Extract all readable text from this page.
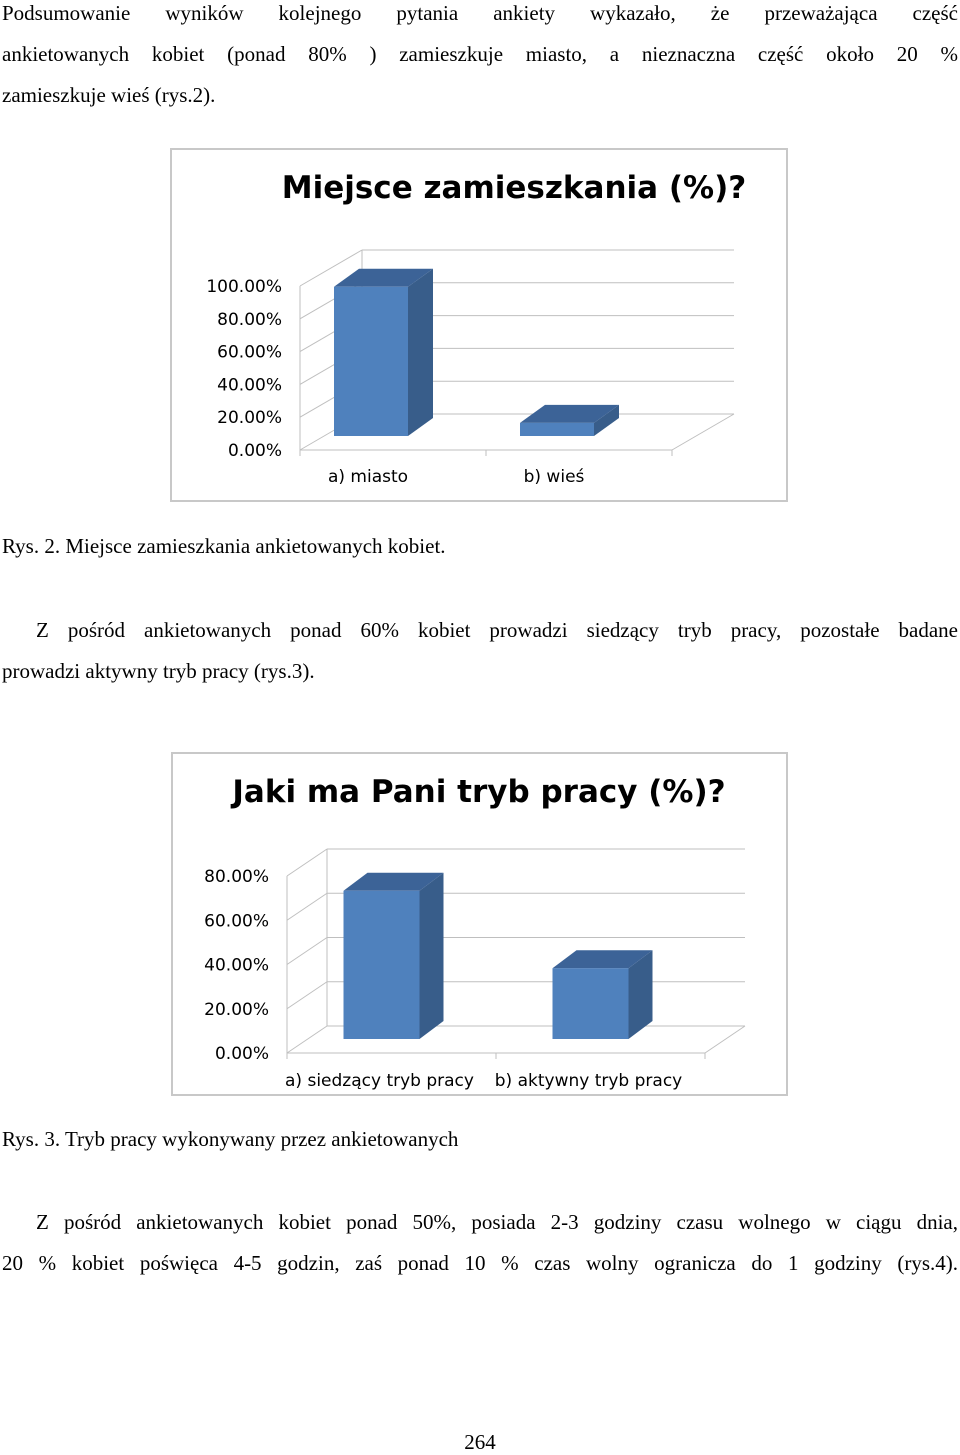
Podsumowanie wyników kolejnego pytania ankiety wykazało, że przeważająca część
ankietowanych kobiet (ponad 80% ) zamieszkuje miasto, a nieznaczna część około 20 %
zamieszkuje wieś (rys.2).
Miejsce zamieszkania (%)?
0.00%
20.00%
40.00%
60.00%
80.00%
100.00%
a) miasto	b) wieś

Rys. 2. Miejsce zamieszkania ankietowanych kobiet.

Z pośród ankietowanych ponad 60% kobiet prowadzi siedzący tryb pracy, pozostałe badane
prowadzi aktywny tryb pracy (rys.3).
Jaki ma Pani tryb pracy (%)?
0.00%
20.00%
40.00%
60.00%
80.00%
a) siedzący tryb pracy b) aktywny tryb pracy

Rys. 3. Tryb pracy wykonywany przez ankietowanych

Z pośród ankietowanych kobiet ponad 50%, posiada 2-3 godziny czasu wolnego w ciągu dnia,
20 % kobiet poświęca 4-5 godzin, zaś ponad 10 % czas wolny ogranicza do 1 godziny (rys.4).
264
